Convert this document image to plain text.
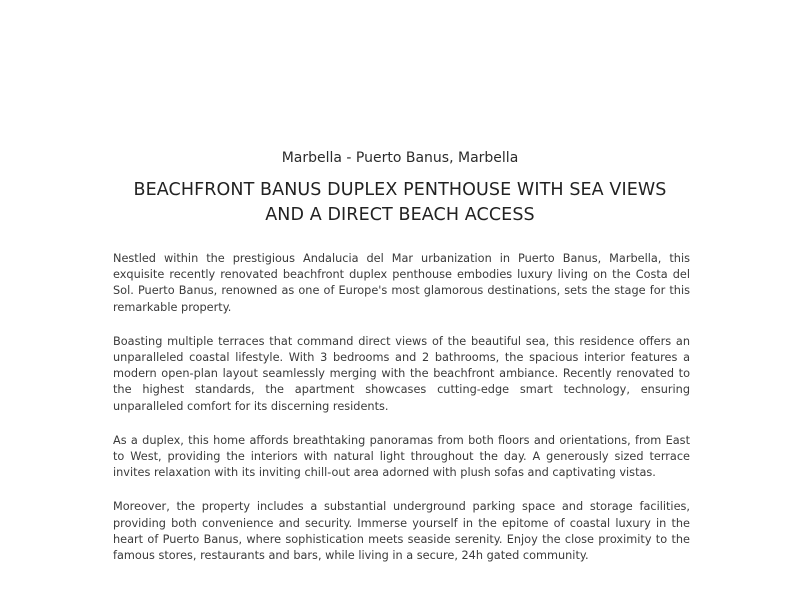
Marbella - Puerto Banus, Marbella
BEACHFRONT BANUS DUPLEX PENTHOUSE WITH SEA VIEWS
AND A DIRECT BEACH ACCESS

Nestled within the prestigious Andalucia del Mar urbanization in Puerto Banus, Marbella, this exquisite recently renovated beachfront duplex penthouse embodies luxury living on the Costa del Sol. Puerto Banus, renowned as one of Europe's most glamorous destinations, sets the stage for this remarkable property.

Boasting multiple terraces that command direct views of the beautiful sea, this residence offers an unparalleled coastal lifestyle. With 3 bedrooms and 2 bathrooms, the spacious interior features a modern open-plan layout seamlessly merging with the beachfront ambiance. Recently renovated to the highest standards, the apartment showcases cutting-edge smart technology, ensuring unparalleled comfort for its discerning residents.

As a duplex, this home affords breathtaking panoramas from both floors and orientations, from East to West, providing the interiors with natural light throughout the day. A generously sized terrace invites relaxation with its inviting chill-out area adorned with plush sofas and captivating vistas.

Moreover, the property includes a substantial underground parking space and storage facilities, providing both convenience and security. Immerse yourself in the epitome of coastal luxury in the heart of Puerto Banus, where sophistication meets seaside serenity. Enjoy the close proximity to the famous stores, restaurants and bars, while living in a secure, 24h gated community.
